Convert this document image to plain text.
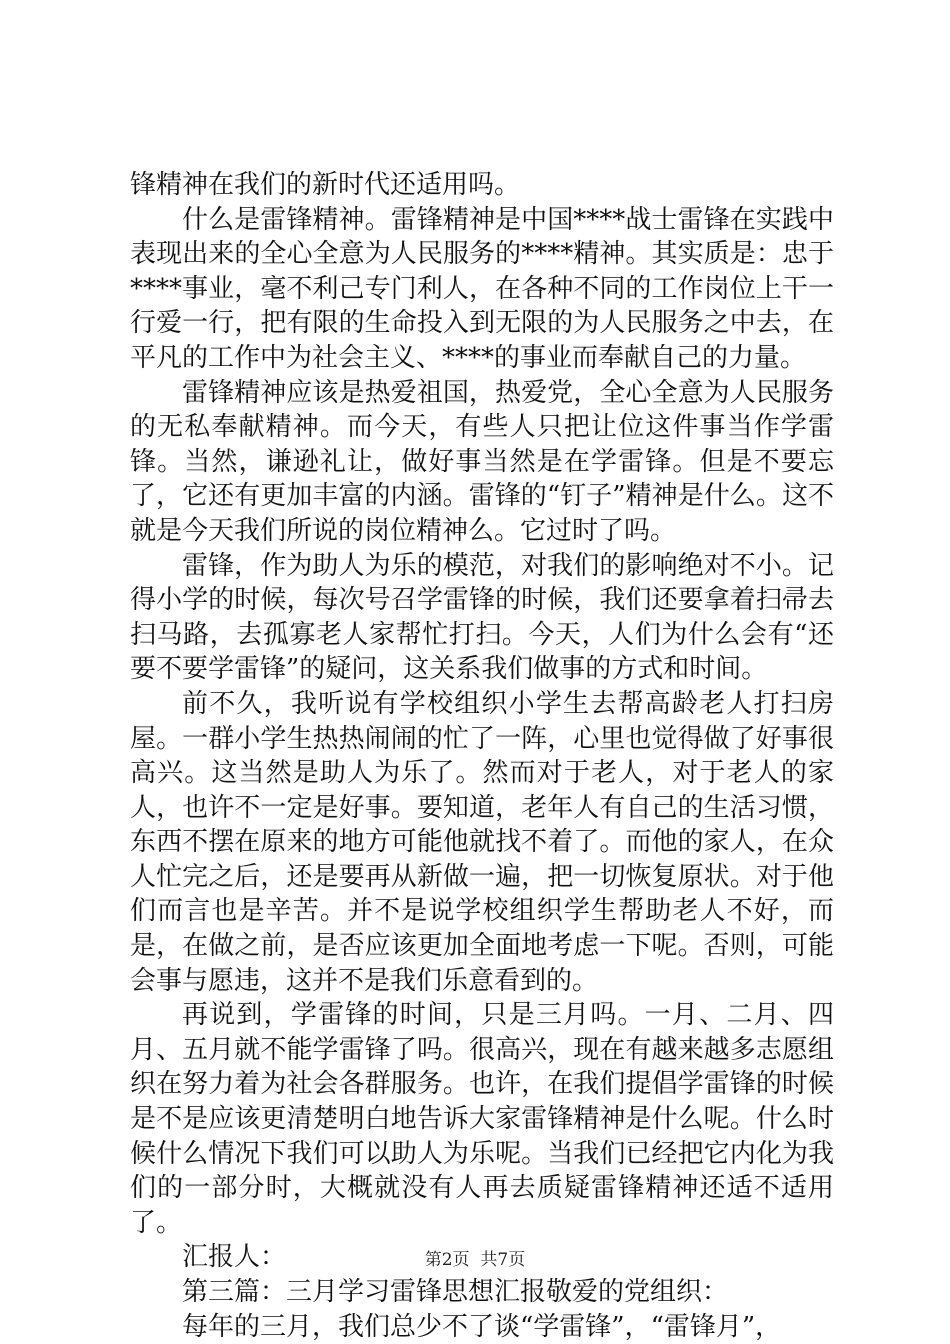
锋精神在我们的新时代还适用吗。

什么是雷锋精神。雷锋精神是中国****战士雷锋在实践中表现出来的全心全意为人民服务的****精神。其实质是：忠于****事业，毫不利己专门利人，在各种不同的工作岗位上干一行爱一行，把有限的生命投入到无限的为人民服务之中去，在平凡的工作中为社会主义、****的事业而奉献自己的力量。

雷锋精神应该是热爱祖国，热爱党，全心全意为人民服务的无私奉献精神。而今天，有些人只把让位这件事当作学雷锋。当然，谦逊礼让，做好事当然是在学雷锋。但是不要忘了，它还有更加丰富的内涵。雷锋的“钉子”精神是什么。这不就是今天我们所说的岗位精神么。它过时了吗。

雷锋，作为助人为乐的模范，对我们的影响绝对不小。记得小学的时候，每次号召学雷锋的时候，我们还要拿着扫帚去扫马路，去孤寡老人家帮忙打扫。今天，人们为什么会有“还要不要学雷锋”的疑问，这关系我们做事的方式和时间。

前不久，我听说有学校组织小学生去帮高龄老人打扫房屋。一群小学生热热闹闹的忙了一阵，心里也觉得做了好事很高兴。这当然是助人为乐了。然而对于老人，对于老人的家人，也许不一定是好事。要知道，老年人有自己的生活习惯，东西不摆在原来的地方可能他就找不着了。而他的家人，在众人忙完之后，还是要再从新做一遍，把一切恢复原状。对于他们而言也是辛苦。并不是说学校组织学生帮助老人不好，而是，在做之前，是否应该更加全面地考虑一下呢。否则，可能会事与愿违，这并不是我们乐意看到的。

再说到，学雷锋的时间，只是三月吗。一月、二月、四月、五月就不能学雷锋了吗。很高兴，现在有越来越多志愿组织在努力着为社会各群服务。也许，在我们提倡学雷锋的时候是不是应该更清楚明白地告诉大家雷锋精神是什么呢。什么时候什么情况下我们可以助人为乐呢。当我们已经把它内化为我们的一部分时，大概就没有人再去质疑雷锋精神还适不适用了。

汇报人：

第三篇：三月学习雷锋思想汇报敬爱的党组织：

每年的三月，我们总少不了谈“学雷锋”，“雷锋月”，

第2页  共7页
